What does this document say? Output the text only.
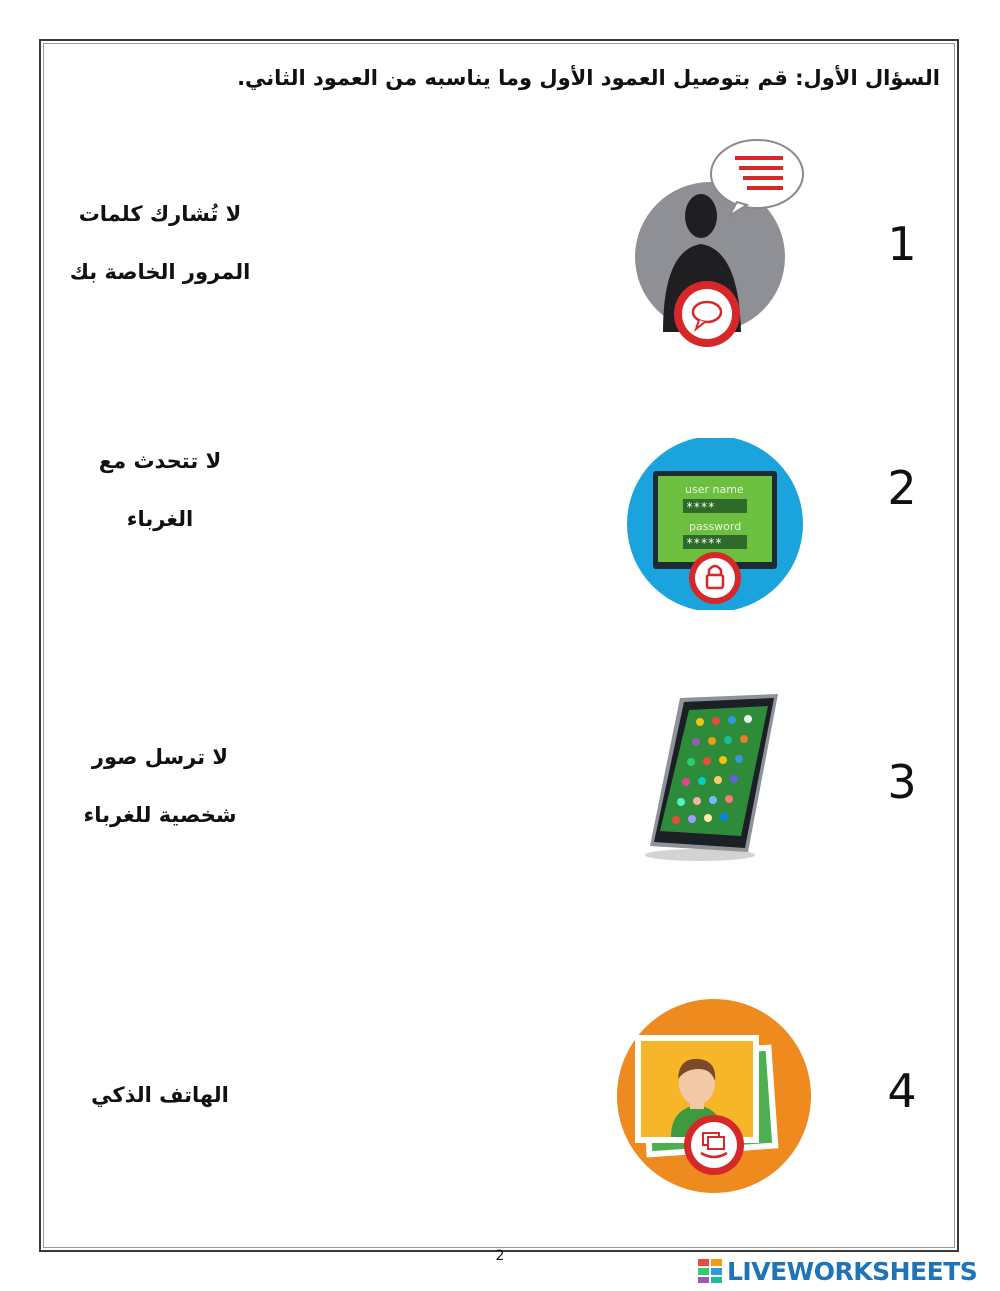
السؤال الأول: قم بتوصيل العمود الأول وما يناسبه من العمود الثاني.
لا تُشارك كلمات
المرور الخاصة بك
لا تتحدث مع
الغرباء
لا ترسل صور
شخصية للغرباء
الهاتف الذكي
user name
****
password
*****
1
2
3
4
2
LIVEWORKSHEETS
